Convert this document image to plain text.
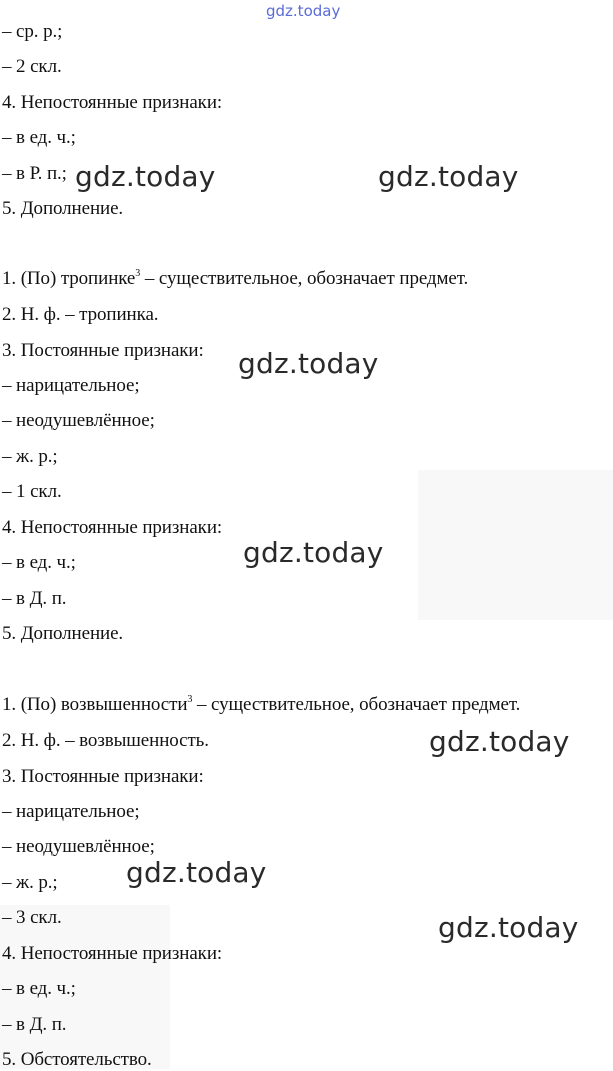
gdz.today
– ср. р.;
– 2 скл.
4. Непостоянные признаки:
– в ед. ч.;
– в Р. п.;
5. Дополнение.
1. (По) тропинке$^3$ – существительное, обозначает предмет.
2. Н. ф. – тропинка.
3. Постоянные признаки:
– нарицательное;
– неодушевлённое;
– ж. р.;
– 1 скл.
4. Непостоянные признаки:
– в ед. ч.;
– в Д. п.
5. Дополнение.
1. (По) возвышенности$^3$ – существительное, обозначает предмет.
2. Н. ф. – возвышенность.
3. Постоянные признаки:
– нарицательное;
– неодушевлённое;
– ж. р.;
– 3 скл.
4. Непостоянные признаки:
– в ед. ч.;
– в Д. п.
5. Обстоятельство.
gdz.today	gdz.today
gdz.today
gdz.today
gdz.today
gdz.today
gdz.today
